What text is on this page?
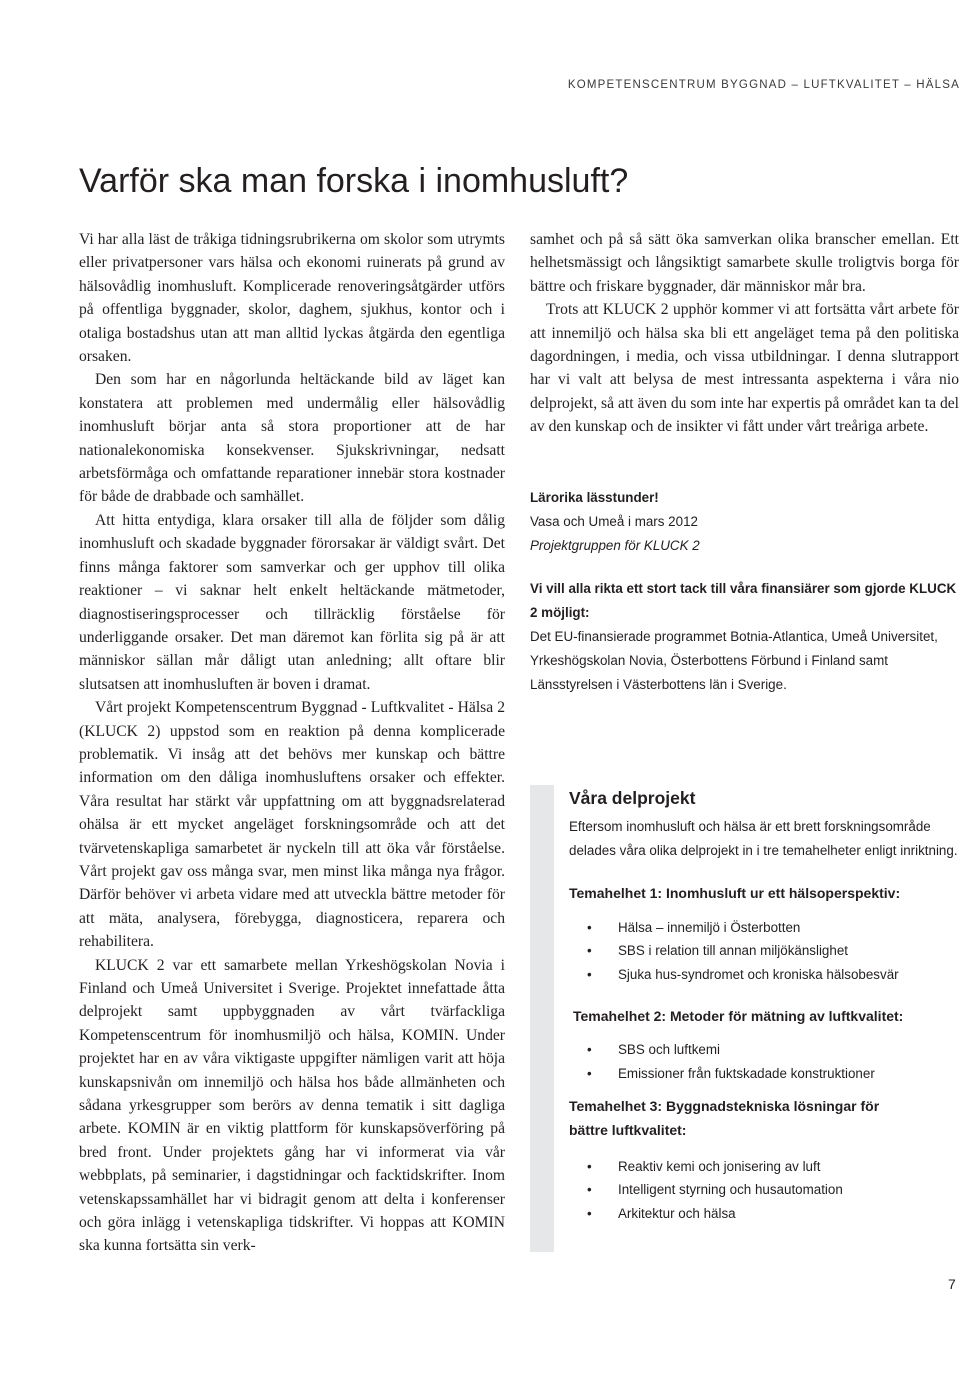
KOMPETENSCENTRUM BYGGNAD – LUFTKVALITET – HÄLSA
Varför ska man forska i inomhusluft?

Vi har alla läst de tråkiga tidningsrubrikerna om skolor som utrymts eller privatpersoner vars hälsa och ekonomi ruinerats på grund av hälsovådlig inomhusluft. Komplicerade renoveringsåtgärder utförs på offentliga byggnader, skolor, daghem, sjukhus, kontor och i otaliga bostadshus utan att man alltid lyckas åtgärda den egentliga orsaken.

Den som har en någorlunda heltäckande bild av läget kan konstatera att problemen med undermålig eller hälsovådlig inomhusluft börjar anta så stora proportioner att de har nationalekonomiska konsekvenser. Sjukskrivningar, nedsatt arbetsförmåga och omfattande reparationer innebär stora kostnader för både de drabbade och samhället.

Att hitta entydiga, klara orsaker till alla de följder som dålig inomhusluft och skadade byggnader förorsakar är väldigt svårt. Det finns många faktorer som samverkar och ger upphov till olika reaktioner – vi saknar helt enkelt heltäckande mätmetoder, diagnostiseringsprocesser och tillräcklig förståelse för underliggande orsaker. Det man däremot kan förlita sig på är att människor sällan mår dåligt utan anledning; allt oftare blir slutsatsen att inomhusluften är boven i dramat.

Vårt projekt Kompetenscentrum Byggnad - Luftkvalitet - Hälsa 2 (KLUCK 2) uppstod som en reaktion på denna komplicerade problematik. Vi insåg att det behövs mer kunskap och bättre information om den dåliga inomhusluftens orsaker och effekter. Våra resultat har stärkt vår uppfattning om att byggnadsrelaterad ohälsa är ett mycket angeläget forskningsområde och att det tvärvetenskapliga samarbetet är nyckeln till att öka vår förståelse. Vårt projekt gav oss många svar, men minst lika många nya frågor. Därför behöver vi arbeta vidare med att utveckla bättre metoder för att mäta, analysera, förebygga, diagnosticera, reparera och rehabilitera.

KLUCK 2 var ett samarbete mellan Yrkeshögskolan Novia i Finland och Umeå Universitet i Sverige. Projektet innefattade åtta delprojekt samt uppbyggnaden av vårt tvärfackliga Kompetenscentrum för inomhusmiljö och hälsa, KOMIN. Under projektet har en av våra viktigaste uppgifter nämligen varit att höja kunskapsnivån om innemiljö och hälsa hos både allmänheten och sådana yrkesgrupper som berörs av denna tematik i sitt dagliga arbete. KOMIN är en viktig plattform för kunskapsöverföring på bred front. Under projektets gång har vi informerat via vår webbplats, på seminarier, i dagstidningar och facktidskrifter. Inom vetenskapssamhället har vi bidragit genom att delta i konferenser och göra inlägg i vetenskapliga tidskrifter. Vi hoppas att KOMIN ska kunna fortsätta sin verk-

samhet och på så sätt öka samverkan olika branscher emellan. Ett helhetsmässigt och långsiktigt samarbete skulle troligtvis borga för bättre och friskare byggnader, där människor mår bra.

Trots att KLUCK 2 upphör kommer vi att fortsätta vårt arbete för att innemiljö och hälsa ska bli ett angeläget tema på den politiska dagordningen, i media, och vissa utbildningar. I denna slutrapport har vi valt att belysa de mest intressanta aspekterna i våra nio delprojekt, så att även du som inte har expertis på området kan ta del av den kunskap och de insikter vi fått under vårt treåriga arbete.

Lärorika lässtunder!
Vasa och Umeå i mars 2012
Projektgruppen för KLUCK 2

Vi vill alla rikta ett stort tack till våra finansiärer som gjorde KLUCK 2 möjligt:

Det EU-finansierade programmet Botnia-Atlantica, Umeå Universitet, Yrkeshögskolan Novia, Österbottens Förbund i Finland samt Länsstyrelsen i Västerbottens län i Sverige.

Våra delprojekt

Eftersom inomhusluft och hälsa är ett brett forskningsområde delades våra olika delprojekt in i tre temahelheter enligt inriktning.

Temahelhet 1: Inomhusluft ur ett hälsoperspektiv:
• Hälsa – innemiljö i Österbotten
• SBS i relation till annan miljökänslighet
• Sjuka hus-syndromet och kroniska hälsobesvär
Temahelhet 2: Metoder för mätning av luftkvalitet:
• SBS och luftkemi
• Emissioner från fuktskadade konstruktioner
Temahelhet 3: Byggnadstekniska lösningar för bättre luftkvalitet:
• Reaktiv kemi och jonisering av luft
• Intelligent styrning och husautomation
• Arkitektur och hälsa
7
